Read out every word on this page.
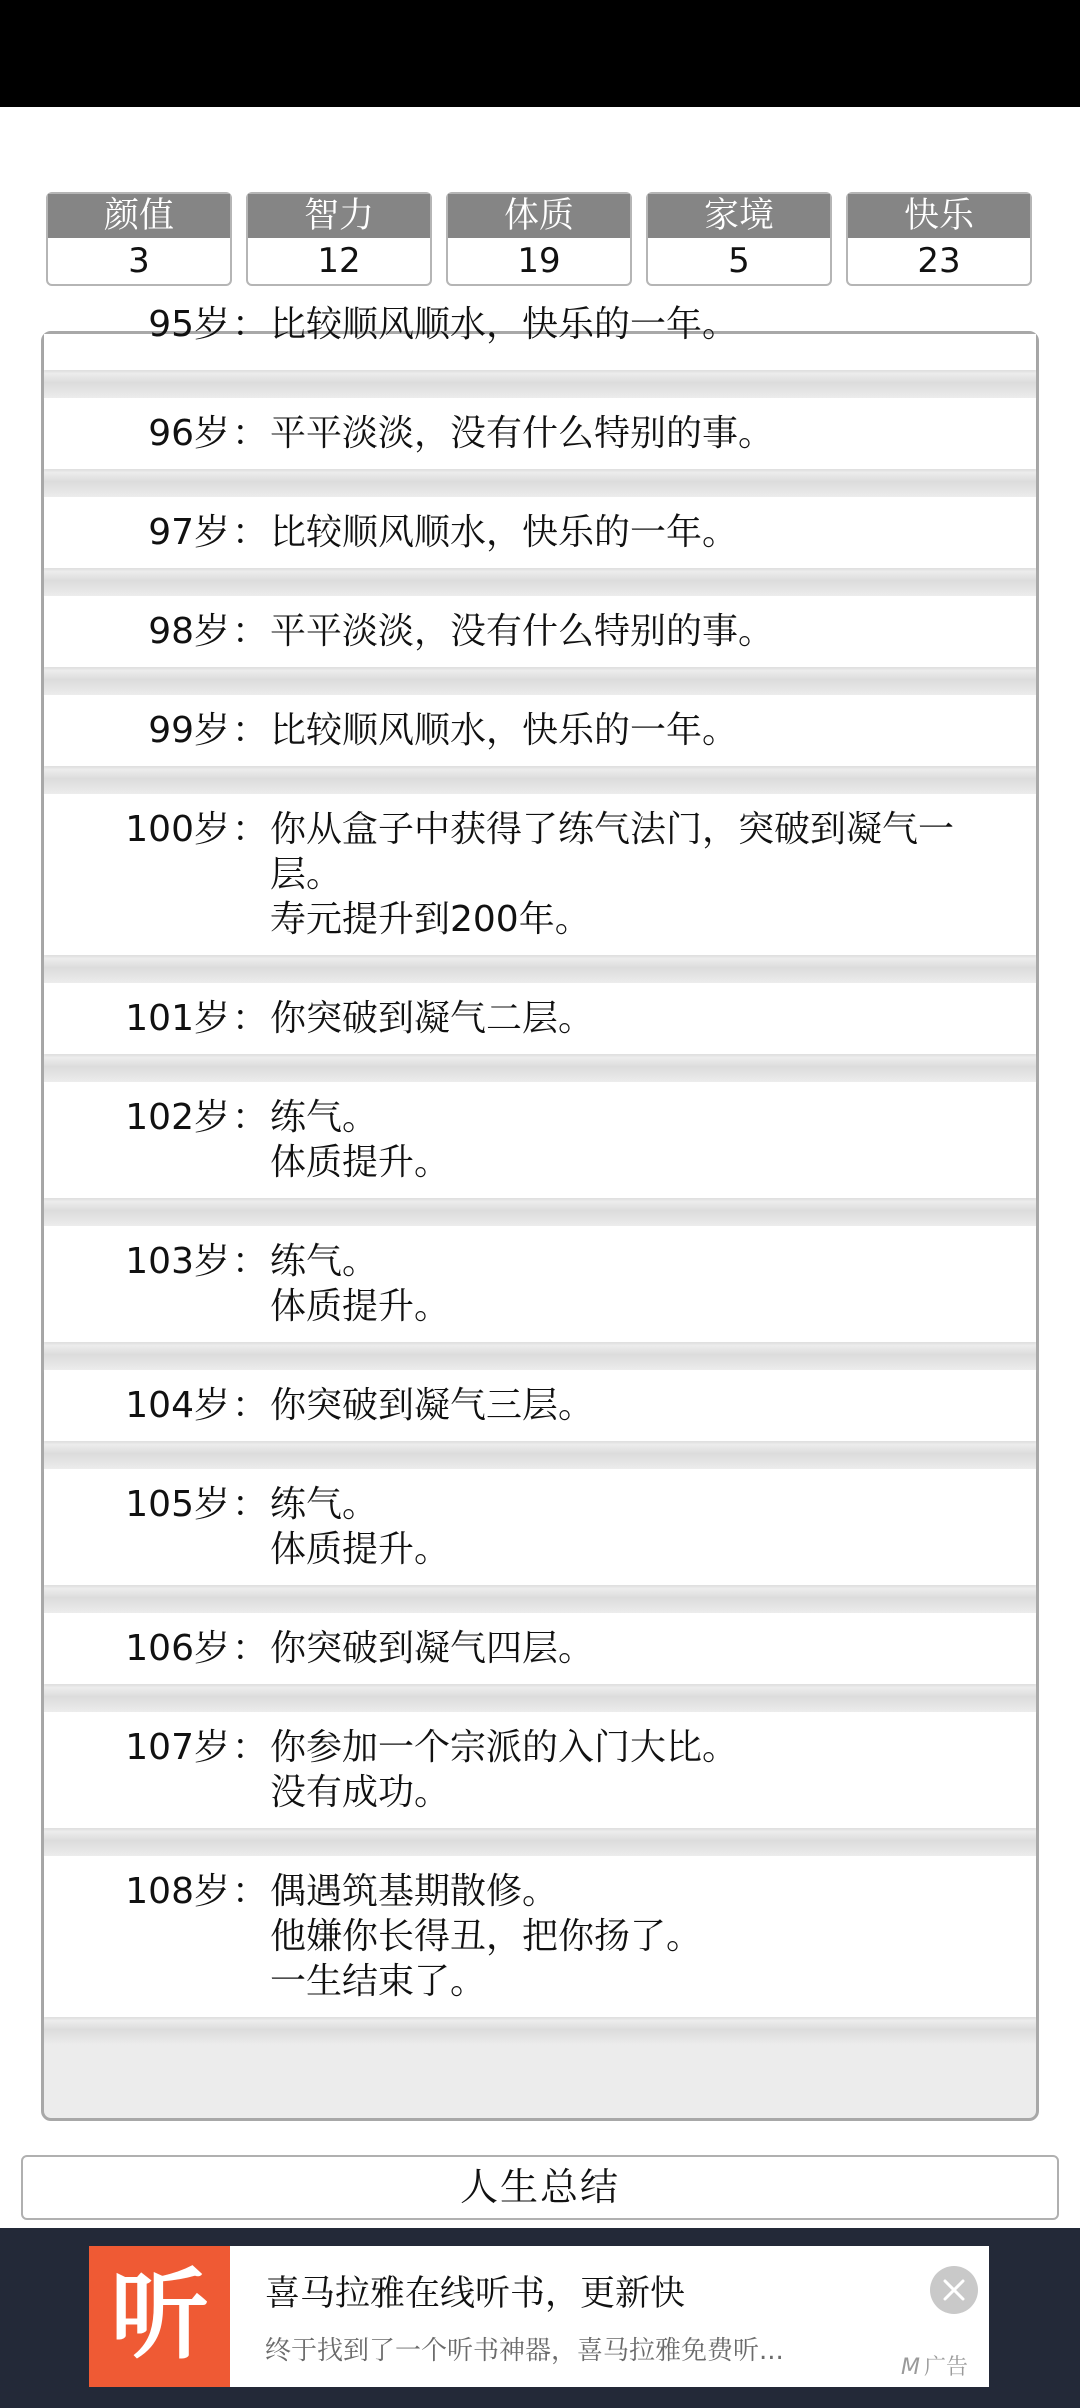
颜值
3
智力
12
体质
19
家境
5
快乐
23
95岁 ： 比较顺风顺水，快乐的一年。
96岁 ： 平平淡淡，没有什么特别的事。
97岁 ： 比较顺风顺水，快乐的一年。
98岁 ： 平平淡淡，没有什么特别的事。
99岁 ： 比较顺风顺水，快乐的一年。
100岁 ： 你从盒子中获得了练气法门，突破到凝气一层。
寿元提升到200年。
101岁 ： 你突破到凝气二层。
102岁 ： 练气。
体质提升。
103岁 ： 练气。
体质提升。
104岁 ： 你突破到凝气三层。
105岁 ： 练气。
体质提升。
106岁 ： 你突破到凝气四层。
107岁 ： 你参加一个宗派的入门大比。
没有成功。
108岁 ： 偶遇筑基期散修。
他嫌你长得丑，把你扬了。
一生结束了。
人生总结
听	喜马拉雅在线听书，更新快
终于找到了一个听书神器，喜马拉雅免费听...
M 广告
